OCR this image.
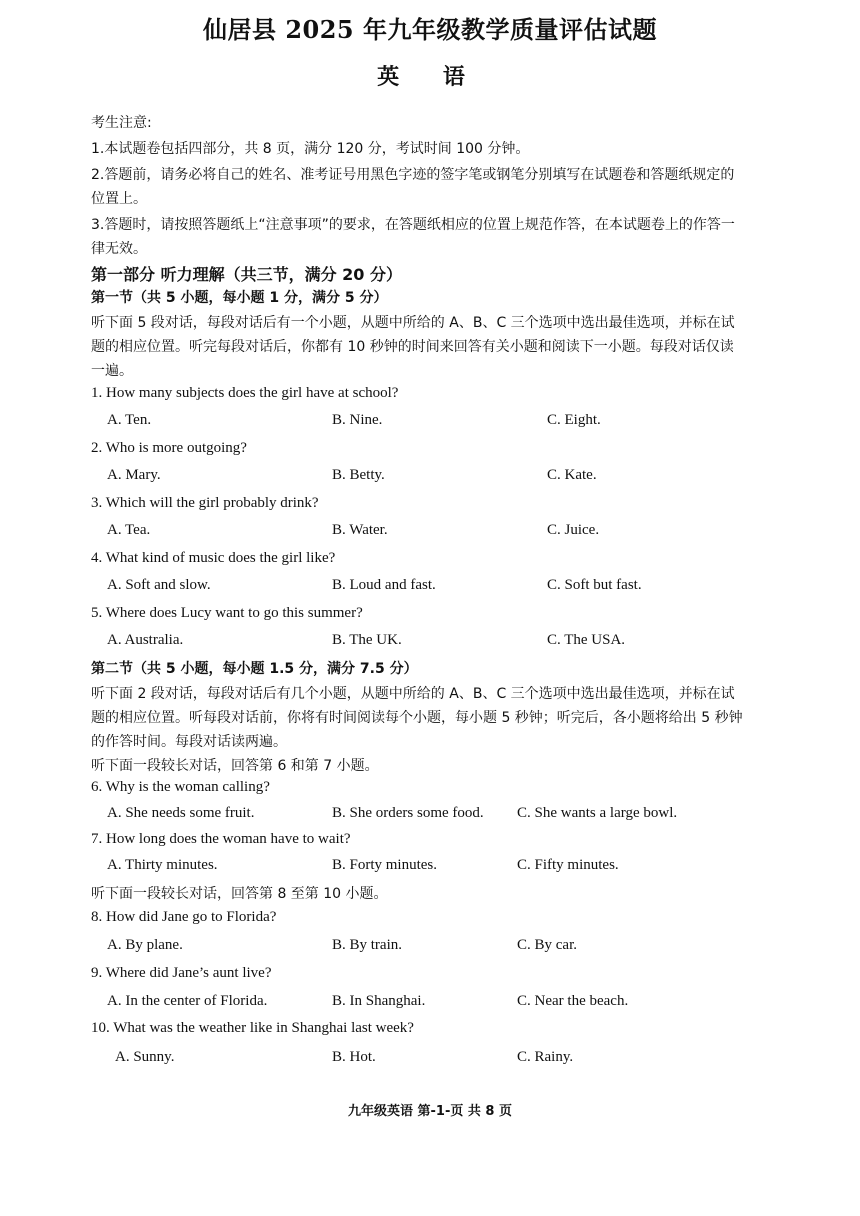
仙居县 2025 年九年级教学质量评估试题
英 语
考生注意:
1.本试题卷包括四部分，共 8 页，满分 120 分，考试时间 100 分钟。
2.答题前，请务必将自己的姓名、准考证号用黑色字迹的签字笔或钢笔分别填写在试题卷和答题纸规定的
位置上。
3.答题时，请按照答题纸上“注意事项”的要求，在答题纸相应的位置上规范作答，在本试题卷上的作答一
律无效。
第一部分 听力理解（共三节，满分 20 分）
第一节（共 5 小题，每小题 1 分，满分 5 分）
听下面 5 段对话，每段对话后有一个小题，从题中所给的 A、B、C 三个选项中选出最佳选项，并标在试
题的相应位置。听完每段对话后，你都有 10 秒钟的时间来回答有关小题和阅读下一小题。每段对话仅读
一遍。
1. How many subjects does the girl have at school?
A. Ten.	B. Nine.	C. Eight.
2. Who is more outgoing?
A. Mary.	B. Betty.	C. Kate.
3. Which will the girl probably drink?
A. Tea.	B. Water.	C. Juice.
4. What kind of music does the girl like?
A. Soft and slow.	B. Loud and fast.	C. Soft but fast.
5. Where does Lucy want to go this summer?
A. Australia.	B. The UK.	C. The USA.
第二节（共 5 小题，每小题 1.5 分，满分 7.5 分）
听下面 2 段对话，每段对话后有几个小题，从题中所给的 A、B、C 三个选项中选出最佳选项，并标在试
题的相应位置。听每段对话前，你将有时间阅读每个小题，每小题 5 秒钟；听完后，各小题将给出 5 秒钟
的作答时间。每段对话读两遍。
听下面一段较长对话，回答第 6 和第 7 小题。
6. Why is the woman calling?
A. She needs some fruit.	B. She orders some food. C. She wants a large bowl.
7. How long does the woman have to wait?
A. Thirty minutes.	B. Forty minutes.	C. Fifty minutes.
听下面一段较长对话，回答第 8 至第 10 小题。
8. How did Jane go to Florida?
A. By plane.	B. By train.	C. By car.
9. Where did Jane’s aunt live?
A. In the center of Florida.	B. In Shanghai.	C. Near the beach.
10. What was the weather like in Shanghai last week?
A. Sunny.	B. Hot.	C. Rainy.
九年级英语 第-1-页 共 8 页
